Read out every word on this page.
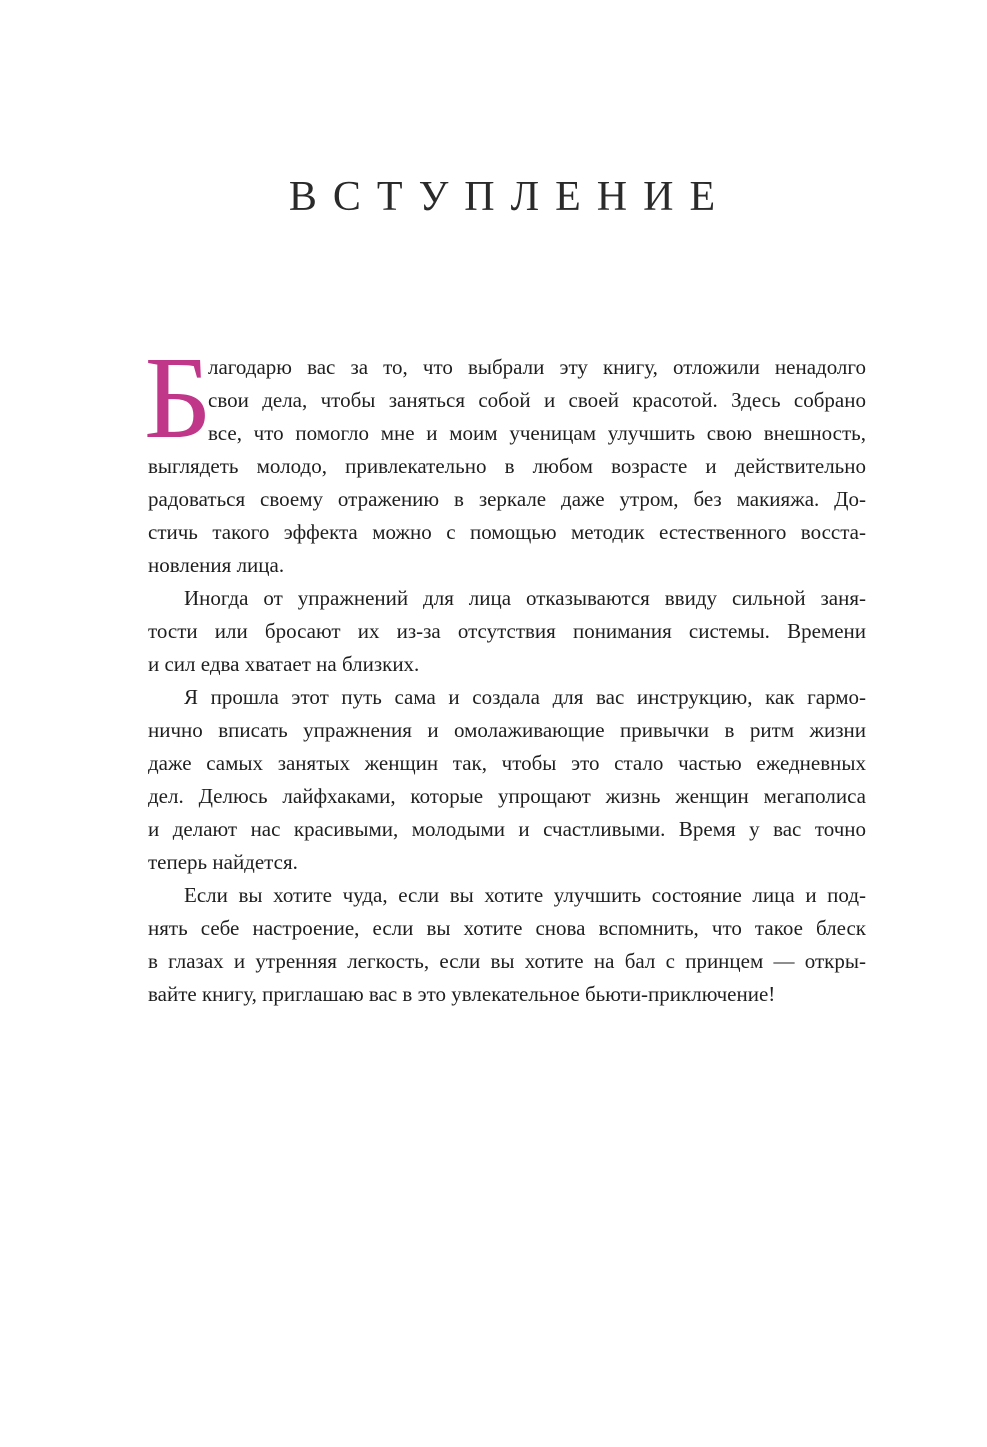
ВСТУПЛЕНИЕ
Б
лагодарю вас за то, что выбрали эту книгу, отложили ненадолго
свои дела, чтобы заняться собой и своей красотой. Здесь собрано
все, что помогло мне и моим ученицам улучшить свою внешность,
выглядеть молодо, привлекательно в любом возрасте и действительно
радоваться своему отражению в зеркале даже утром, без макияжа. До-
стичь такого эффекта можно с помощью методик естественного восста-
новления лица.
Иногда от упражнений для лица отказываются ввиду сильной заня-
тости или бросают их из-за отсутствия понимания системы. Времени
и сил едва хватает на близких.
Я прошла этот путь сама и создала для вас инструкцию, как гармо-
нично вписать упражнения и омолаживающие привычки в ритм жизни
даже самых занятых женщин так, чтобы это стало частью ежедневных
дел. Делюсь лайфхаками, которые упрощают жизнь женщин мегаполиса
и делают нас красивыми, молодыми и счастливыми. Время у вас точно
теперь найдется.
Если вы хотите чуда, если вы хотите улучшить состояние лица и под-
нять себе настроение, если вы хотите снова вспомнить, что такое блеск
в глазах и утренняя легкость, если вы хотите на бал с принцем — откры-
вайте книгу, приглашаю вас в это увлекательное бьюти-приключение!
